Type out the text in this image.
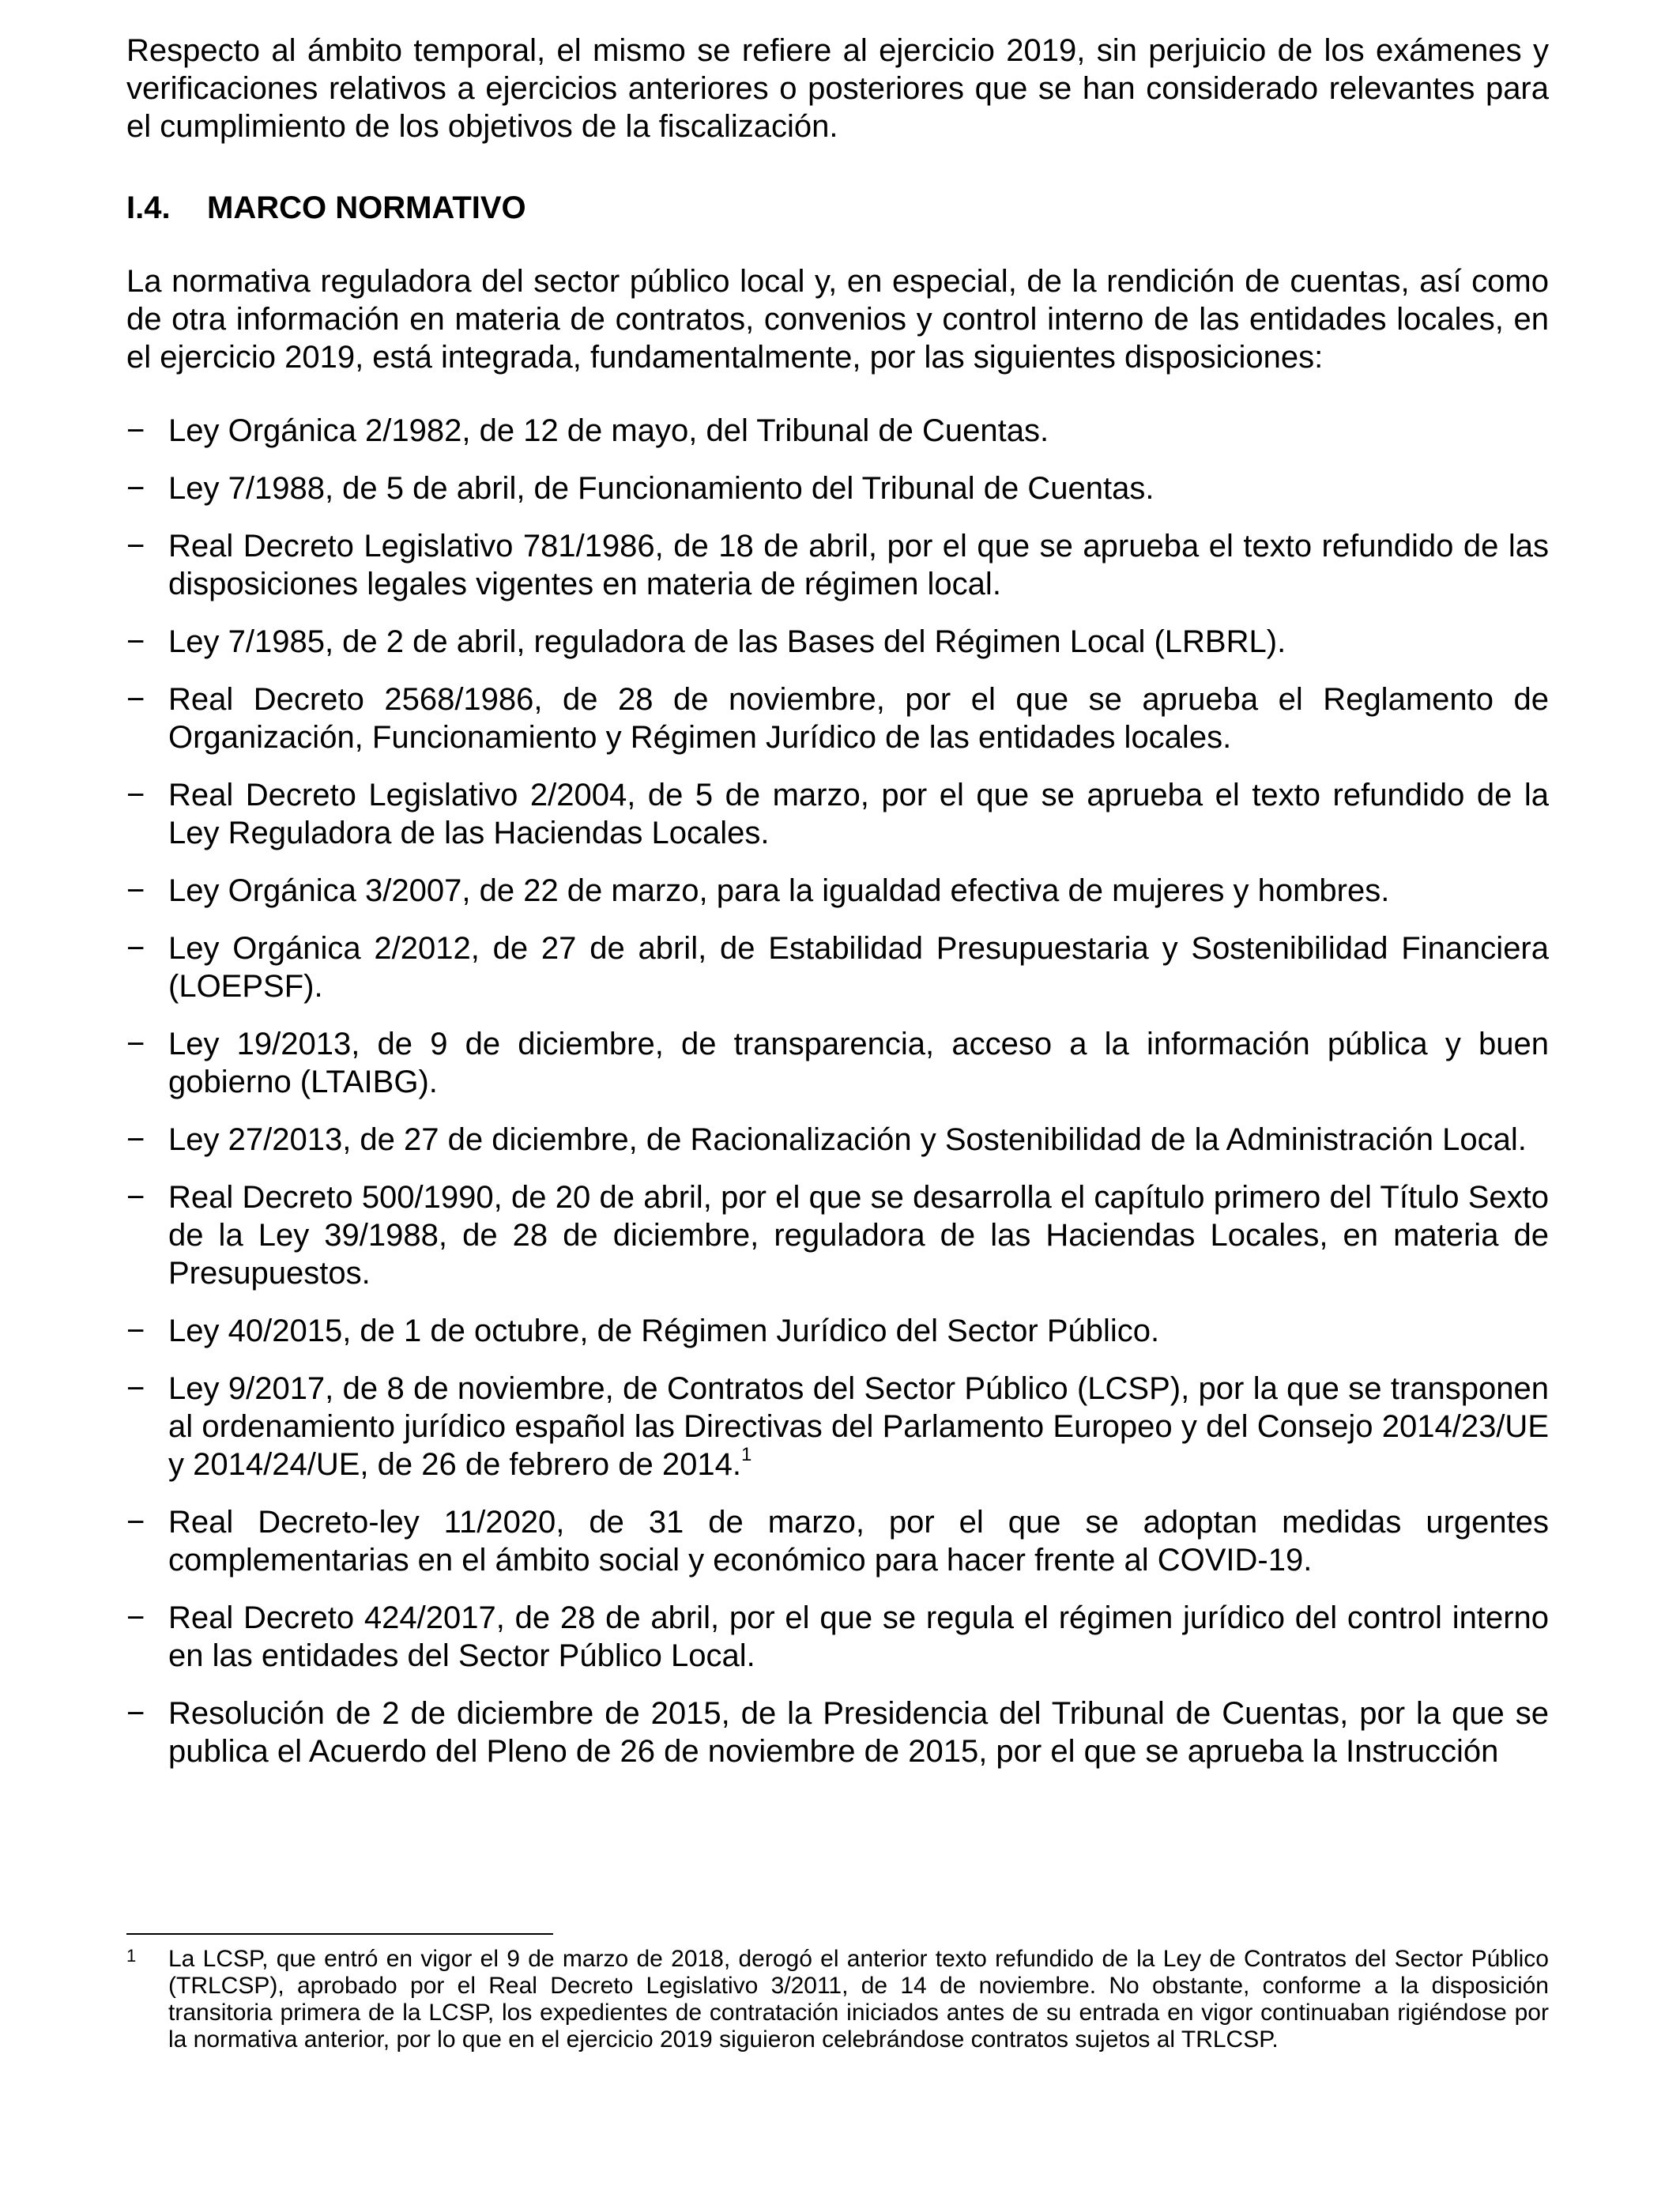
Respecto al ámbito temporal, el mismo se refiere al ejercicio 2019, sin perjuicio de los exámenes y verificaciones relativos a ejercicios anteriores o posteriores que se han considerado relevantes para el cumplimiento de los objetivos de la fiscalización.

I.4.	MARCO NORMATIVO

La normativa reguladora del sector público local y, en especial, de la rendición de cuentas, así como de otra información en materia de contratos, convenios y control interno de las entidades locales, en el ejercicio 2019, está integrada, fundamentalmente, por las siguientes disposiciones:

− Ley Orgánica 2/1982, de 12 de mayo, del Tribunal de Cuentas.
− Ley 7/1988, de 5 de abril, de Funcionamiento del Tribunal de Cuentas.
− Real Decreto Legislativo 781/1986, de 18 de abril, por el que se aprueba el texto refundido de las disposiciones legales vigentes en materia de régimen local.
− Ley 7/1985, de 2 de abril, reguladora de las Bases del Régimen Local (LRBRL).
− Real Decreto 2568/1986, de 28 de noviembre, por el que se aprueba el Reglamento de Organización, Funcionamiento y Régimen Jurídico de las entidades locales.
− Real Decreto Legislativo 2/2004, de 5 de marzo, por el que se aprueba el texto refundido de la Ley Reguladora de las Haciendas Locales.
− Ley Orgánica 3/2007, de 22 de marzo, para la igualdad efectiva de mujeres y hombres.
− Ley Orgánica 2/2012, de 27 de abril, de Estabilidad Presupuestaria y Sostenibilidad Financiera (LOEPSF).
− Ley 19/2013, de 9 de diciembre, de transparencia, acceso a la información pública y buen gobierno (LTAIBG).
− Ley 27/2013, de 27 de diciembre, de Racionalización y Sostenibilidad de la Administración Local.
− Real Decreto 500/1990, de 20 de abril, por el que se desarrolla el capítulo primero del Título Sexto de la Ley 39/1988, de 28 de diciembre, reguladora de las Haciendas Locales, en materia de Presupuestos.
− Ley 40/2015, de 1 de octubre, de Régimen Jurídico del Sector Público.
− Ley 9/2017, de 8 de noviembre, de Contratos del Sector Público (LCSP), por la que se transponen al ordenamiento jurídico español las Directivas del Parlamento Europeo y del Consejo 2014/23/UE y 2014/24/UE, de 26 de febrero de 2014.$^1$
− Real Decreto-ley 11/2020, de 31 de marzo, por el que se adoptan medidas urgentes complementarias en el ámbito social y económico para hacer frente al COVID-19.
− Real Decreto 424/2017, de 28 de abril, por el que se regula el régimen jurídico del control interno en las entidades del Sector Público Local.
− Resolución de 2 de diciembre de 2015, de la Presidencia del Tribunal de Cuentas, por la que se publica el Acuerdo del Pleno de 26 de noviembre de 2015, por el que se aprueba la Instrucción
1	La LCSP, que entró en vigor el 9 de marzo de 2018, derogó el anterior texto refundido de la Ley de Contratos del Sector Público (TRLCSP), aprobado por el Real Decreto Legislativo 3/2011, de 14 de noviembre. No obstante, conforme a la disposición transitoria primera de la LCSP, los expedientes de contratación iniciados antes de su entrada en vigor continuaban rigiéndose por la normativa anterior, por lo que en el ejercicio 2019 siguieron celebrándose contratos sujetos al TRLCSP.
